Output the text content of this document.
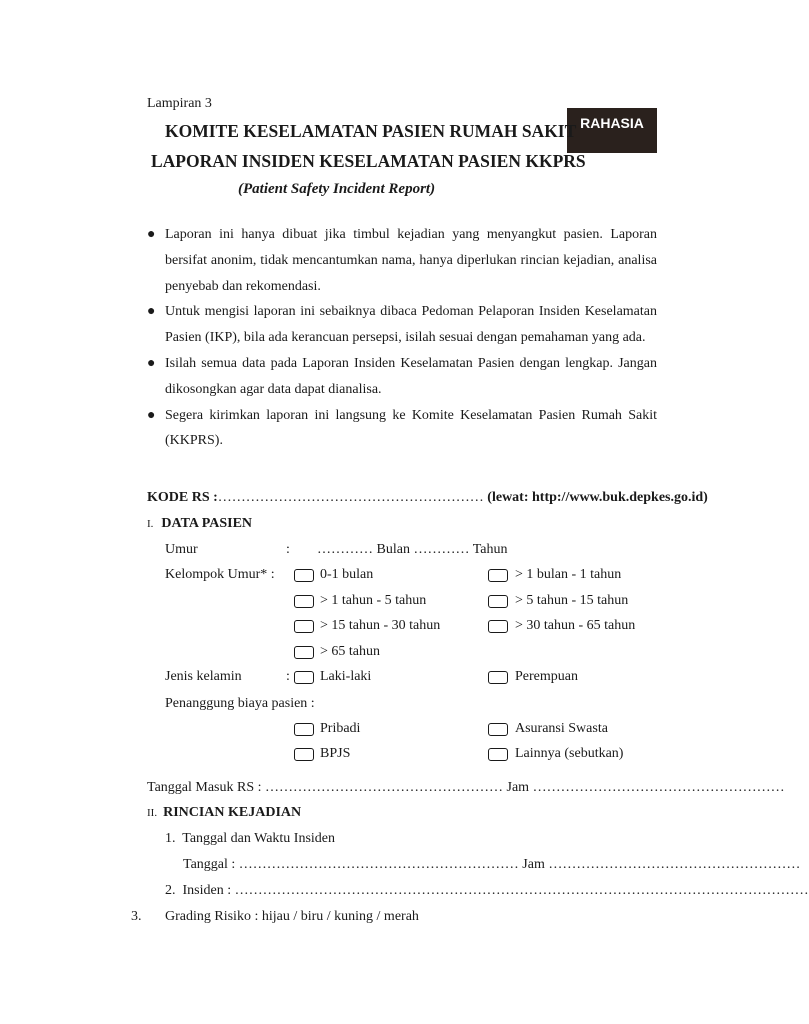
Lampiran 3
RAHASIA
KOMITE KESELAMATAN PASIEN RUMAH SAKIT
LAPORAN INSIDEN KESELAMATAN PASIEN KKPRS
(Patient Safety Incident Report)
● Laporan ini hanya dibuat jika timbul kejadian yang menyangkut pasien. Laporan bersifat anonim, tidak mencantumkan nama, hanya diperlukan rincian kejadian, analisa penyebab dan rekomendasi.
● Untuk mengisi laporan ini sebaiknya dibaca Pedoman Pelaporan Insiden Keselamatan Pasien (IKP), bila ada kerancuan persepsi, isilah sesuai dengan pemahaman yang ada.
● Isilah semua data pada Laporan Insiden Keselamatan Pasien dengan lengkap. Jangan dikosongkan agar data dapat dianalisa.
● Segera kirimkan laporan ini langsung ke Komite Keselamatan Pasien Rumah Sakit (KKPRS).
KODE RS :………………………………………………… (lewat: http://www.buk.depkes.go.id)
I. DATA PASIEN
Umur	: ………… Bulan ………… Tahun
Kelompok Umur* :	0-1 bulan	> 1 bulan - 1 tahun
> 1 tahun - 5 tahun	> 5 tahun - 15 tahun
> 15 tahun - 30 tahun	> 30 tahun - 65 tahun
> 65 tahun
Jenis kelamin	: Laki-laki	Perempuan
Penanggung biaya pasien :
Pribadi	Asuransi Swasta
BPJS	Lainnya (sebutkan)
Tanggal Masuk RS : …………………………………………… Jam ………………………………………………
II. RINCIAN KEJADIAN
1. Tanggal dan Waktu Insiden
Tanggal : …………………………………………………… Jam ………………………………………………
2. Insiden : ……………………………………………………………………………………………………………
3. Grading Risiko : hijau / biru / kuning / merah
